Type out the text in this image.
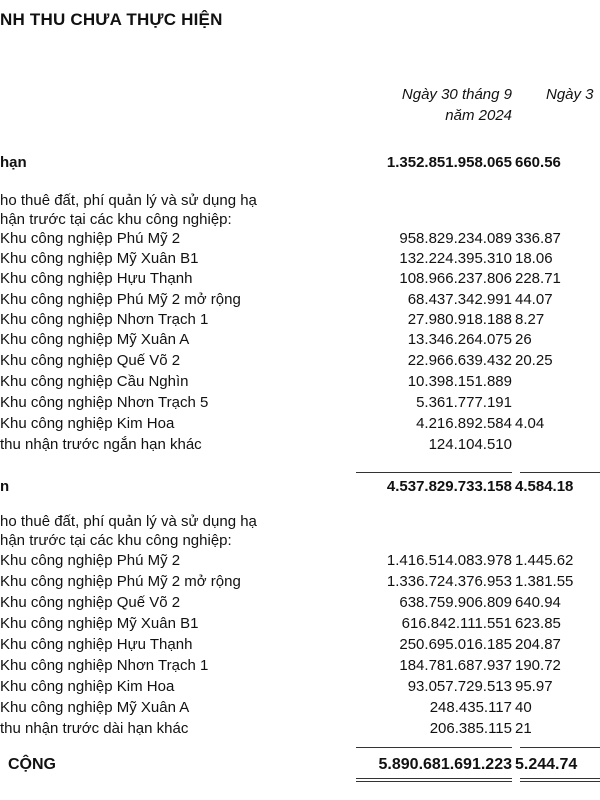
NH THU CHƯA THỰC HIỆN
Ngày 30 tháng 9
năm 2024
Ngày 3
hạn	1.352.851.958.065 660.56
ho thuê đất, phí quản lý và sử dụng hạ
hận trước tại các khu công nghiệp:
Khu công nghiệp Phú Mỹ 2	958.829.234.089 336.87
Khu công nghiệp Mỹ Xuân B1	132.224.395.310 18.06
Khu công nghiệp Hựu Thạnh	108.966.237.806 228.71
Khu công nghiệp Phú Mỹ 2 mở rộng	68.437.342.991 44.07
Khu công nghiệp Nhơn Trạch 1	27.980.918.188 8.27
Khu công nghiệp Mỹ Xuân A	13.346.264.075 26
Khu công nghiệp Quế Võ 2	22.966.639.432 20.25
Khu công nghiệp Cầu Nghìn	10.398.151.889
Khu công nghiệp Nhơn Trạch 5	5.361.777.191
Khu công nghiệp Kim Hoa	4.216.892.584 4.04
thu nhận trước ngắn hạn khác	124.104.510
n	4.537.829.733.158 4.584.18
ho thuê đất, phí quản lý và sử dụng hạ
hận trước tại các khu công nghiệp:
Khu công nghiệp Phú Mỹ 2	1.416.514.083.978 1.445.62
Khu công nghiệp Phú Mỹ 2 mở rộng	1.336.724.376.953 1.381.55
Khu công nghiệp Quế Võ 2	638.759.906.809 640.94
Khu công nghiệp Mỹ Xuân B1	616.842.111.551 623.85
Khu công nghiệp Hựu Thạnh	250.695.016.185 204.87
Khu công nghiệp Nhơn Trạch 1	184.781.687.937 190.72
Khu công nghiệp Kim Hoa	93.057.729.513 95.97
Khu công nghiệp Mỹ Xuân A	248.435.117 40
thu nhận trước dài hạn khác	206.385.115 21
CỘNG	5.890.681.691.223 5.244.74
